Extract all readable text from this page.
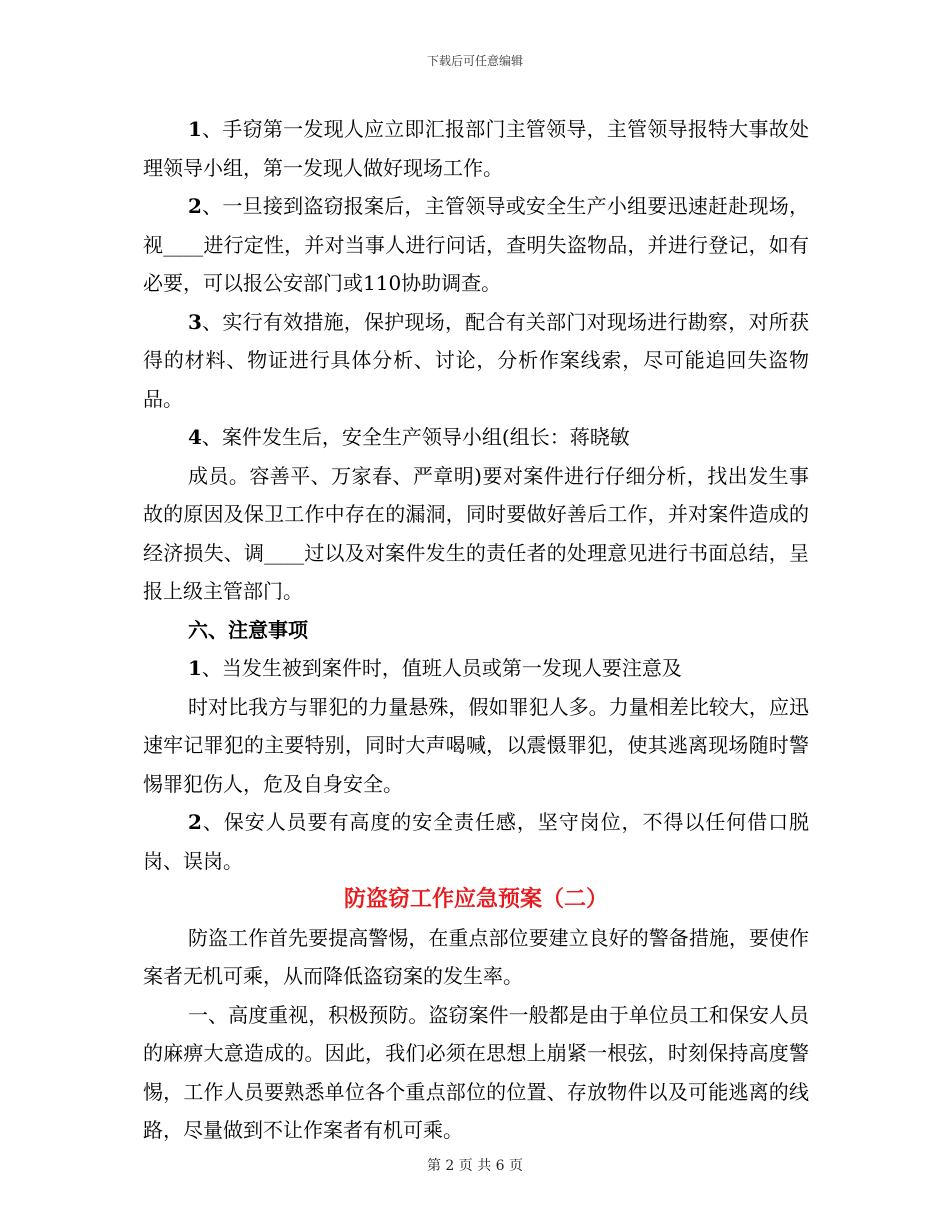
下载后可任意编辑

1、手窃第一发现人应立即汇报部门主管领导，主管领导报特大事故处理领导小组，第一发现人做好现场工作。

2、一旦接到盗窃报案后，主管领导或安全生产小组要迅速赶赴现场，视____进行定性，并对当事人进行问话，查明失盗物品，并进行登记，如有必要，可以报公安部门或110协助调查。

3、实行有效措施，保护现场，配合有关部门对现场进行勘察，对所获得的材料、物证进行具体分析、讨论，分析作案线索，尽可能追回失盗物品。

4、案件发生后，安全生产领导小组(组长：蒋晓敏

成员。容善平、万家春、严章明)要对案件进行仔细分析，找出发生事故的原因及保卫工作中存在的漏洞，同时要做好善后工作，并对案件造成的经济损失、调____过以及对案件发生的责任者的处理意见进行书面总结，呈报上级主管部门。

六、注意事项

1、当发生被到案件时，值班人员或第一发现人要注意及

时对比我方与罪犯的力量悬殊，假如罪犯人多。力量相差比较大，应迅速牢记罪犯的主要特别，同时大声喝喊，以震慑罪犯，使其逃离现场随时警惕罪犯伤人，危及自身安全。

2、保安人员要有高度的安全责任感，坚守岗位，不得以任何借口脱岗、误岗。

防盗窃工作应急预案（二）

防盗工作首先要提高警惕，在重点部位要建立良好的警备措施，要使作案者无机可乘，从而降低盗窃案的发生率。

一、高度重视，积极预防。盗窃案件一般都是由于单位员工和保安人员的麻痹大意造成的。因此，我们必须在思想上崩紧一根弦，时刻保持高度警惕，工作人员要熟悉单位各个重点部位的位置、存放物件以及可能逃离的线路，尽量做到不让作案者有机可乘。

第 2 页 共 6 页
